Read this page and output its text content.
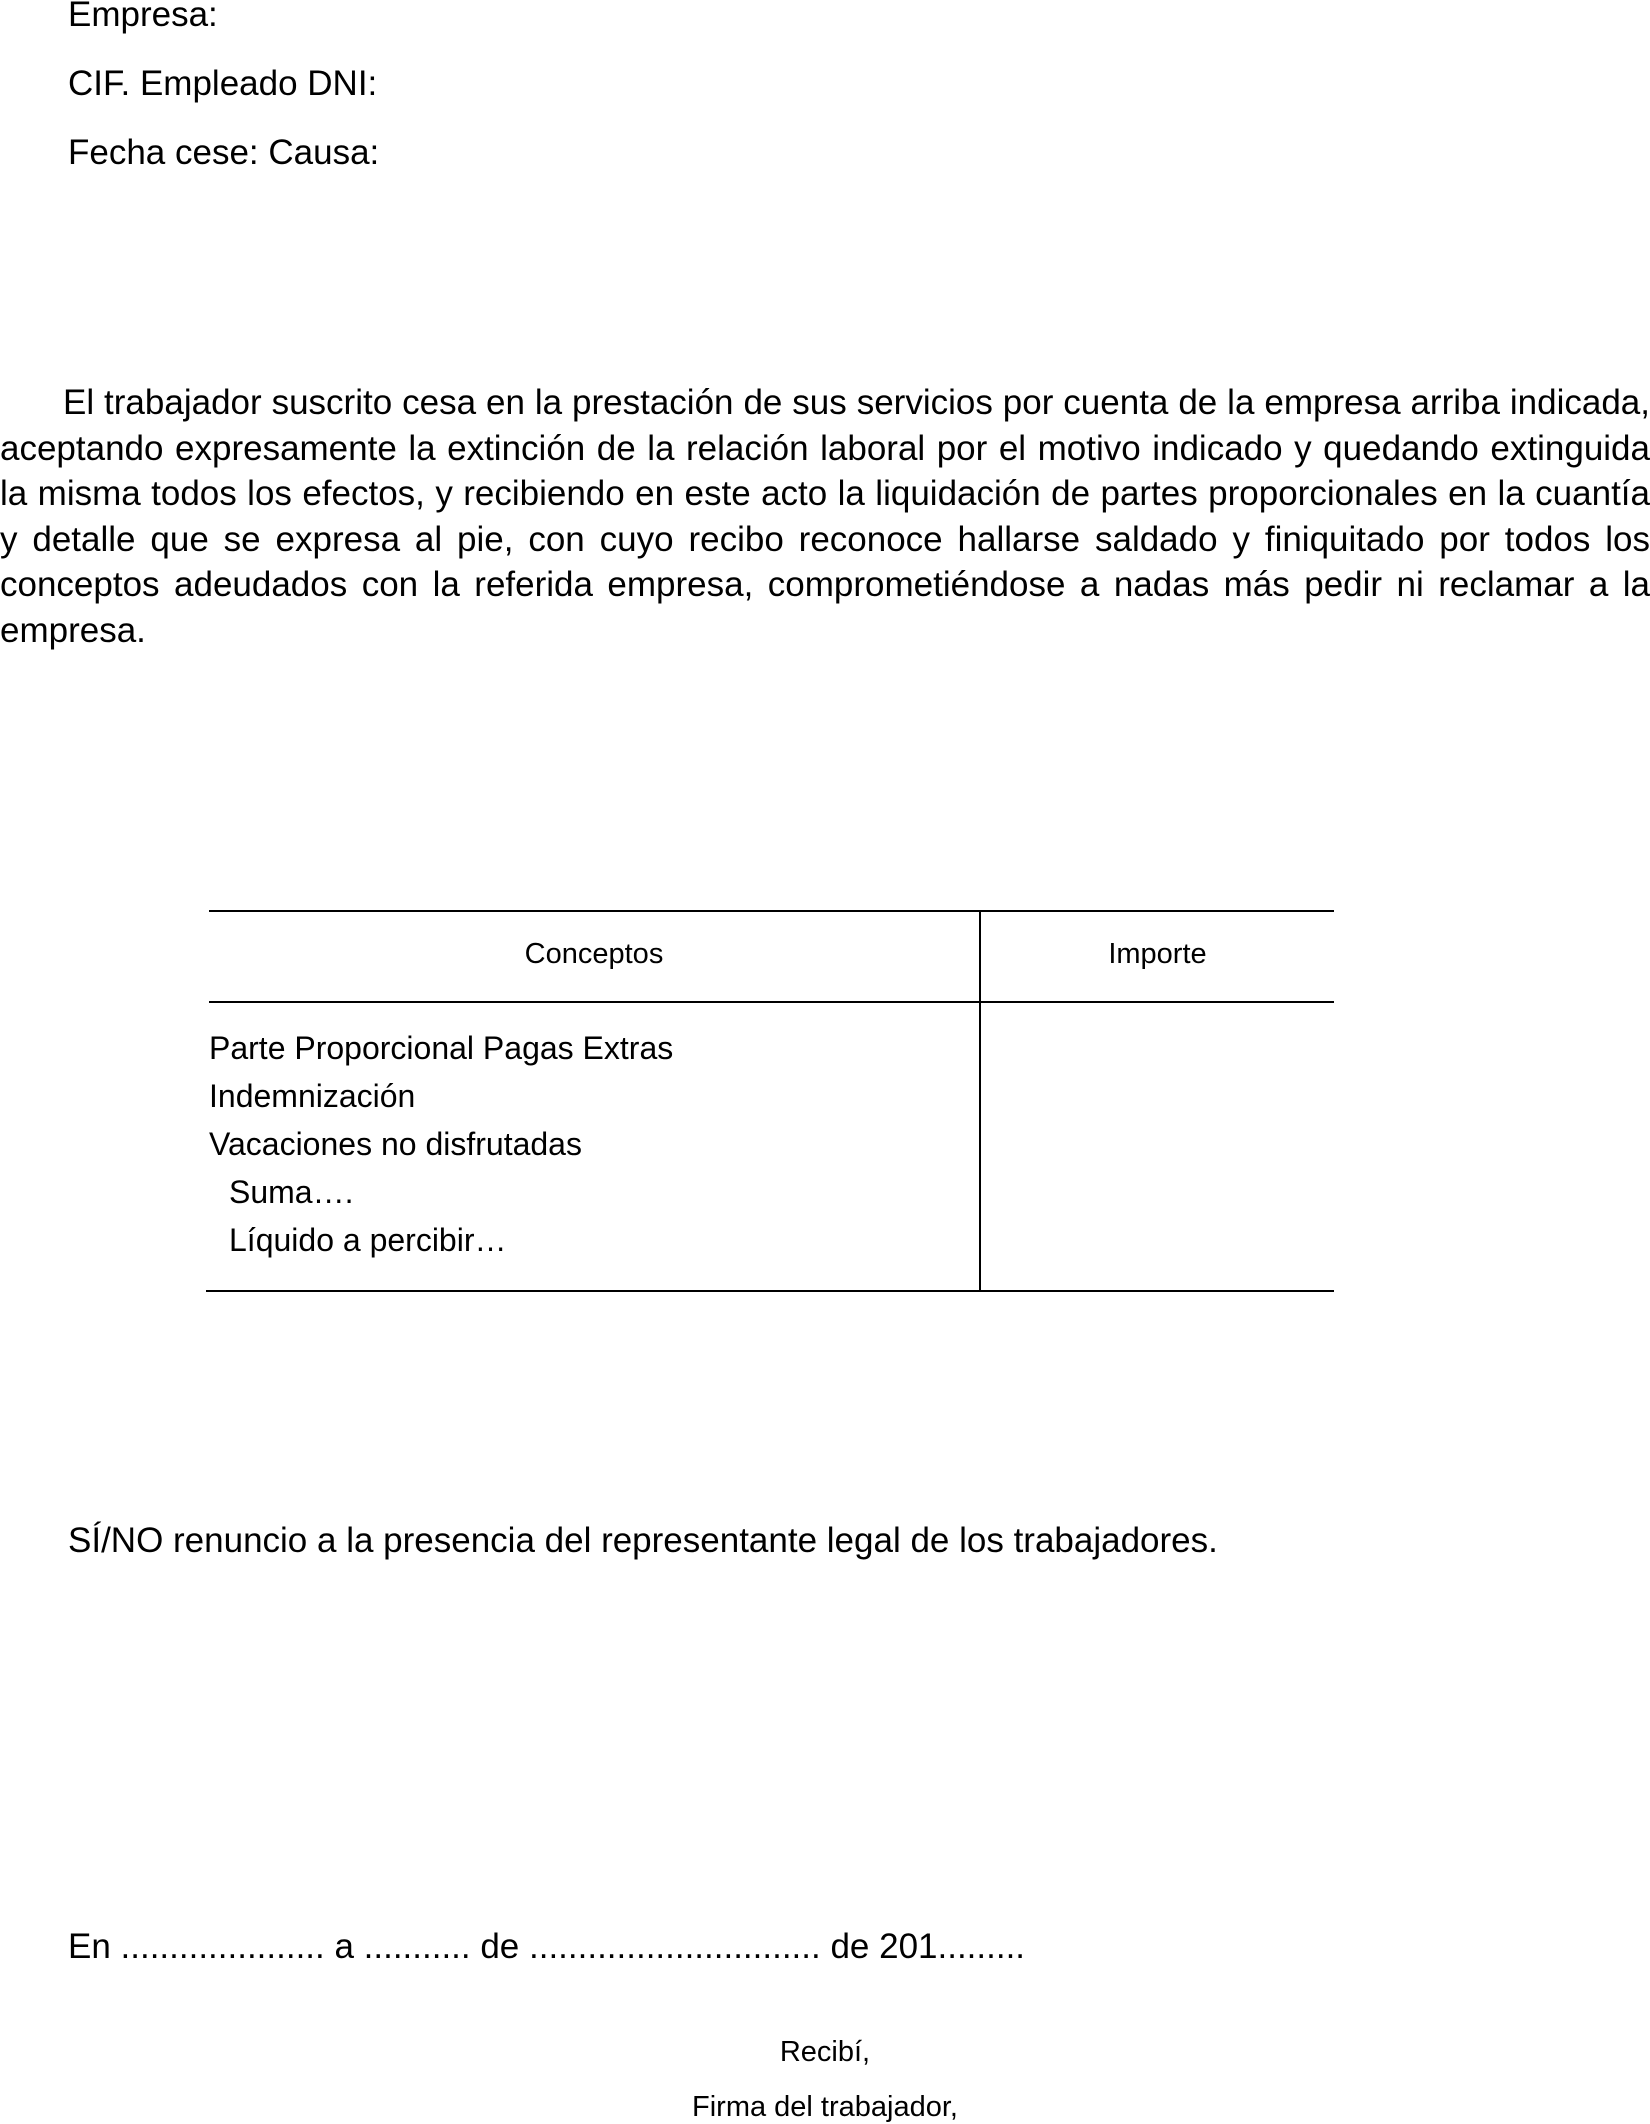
Empresa:
CIF. Empleado DNI:
Fecha cese: Causa:

El trabajador suscrito cesa en la prestación de sus servicios por cuenta de la empresa arriba indicada, aceptando expresamente la extinción de la relación laboral por el motivo indicado y quedando extinguida la misma todos los efectos, y recibiendo en este acto la liquidación de partes proporcionales en la cuantía y detalle que se expresa al pie, con cuyo recibo reconoce hallarse saldado y finiquitado por todos los conceptos adeudados con la referida empresa, comprometiéndose a nadas más pedir ni reclamar a la empresa.

Conceptos	Importe
Parte Proporcional Pagas Extras
Indemnización
Vacaciones no disfrutadas
Suma….
Líquido a percibir…
SÍ/NO renuncio a la presencia del representante legal de los trabajadores.
En ..................... a ........... de .............................. de 201.........
Recibí,
Firma del trabajador,
